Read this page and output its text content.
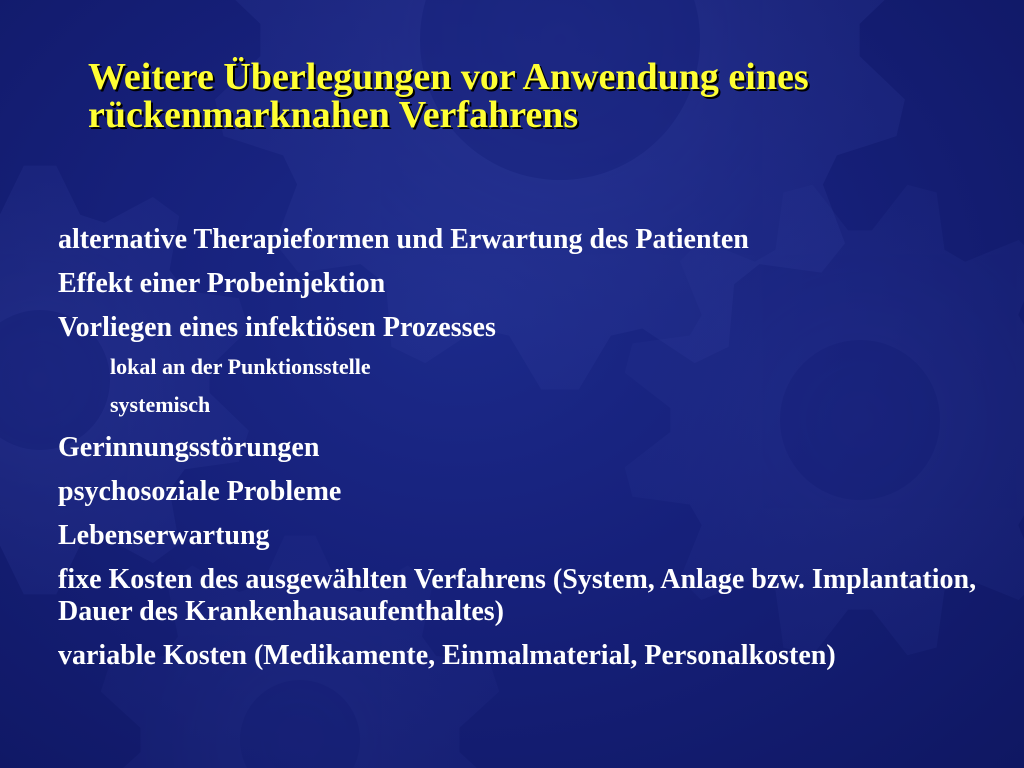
Weitere Überlegungen vor Anwendung eines
rückenmarknahen Verfahrens
alternative Therapieformen und Erwartung des Patienten
Effekt einer Probeinjektion
Vorliegen eines infektiösen Prozesses
lokal an der Punktionsstelle
systemisch
Gerinnungsstörungen
psychosoziale Probleme
Lebenserwartung
fixe Kosten des ausgewählten Verfahrens (System, Anlage bzw. Implantation, Dauer des Krankenhausaufenthaltes)
variable Kosten (Medikamente, Einmalmaterial, Personalkosten)
